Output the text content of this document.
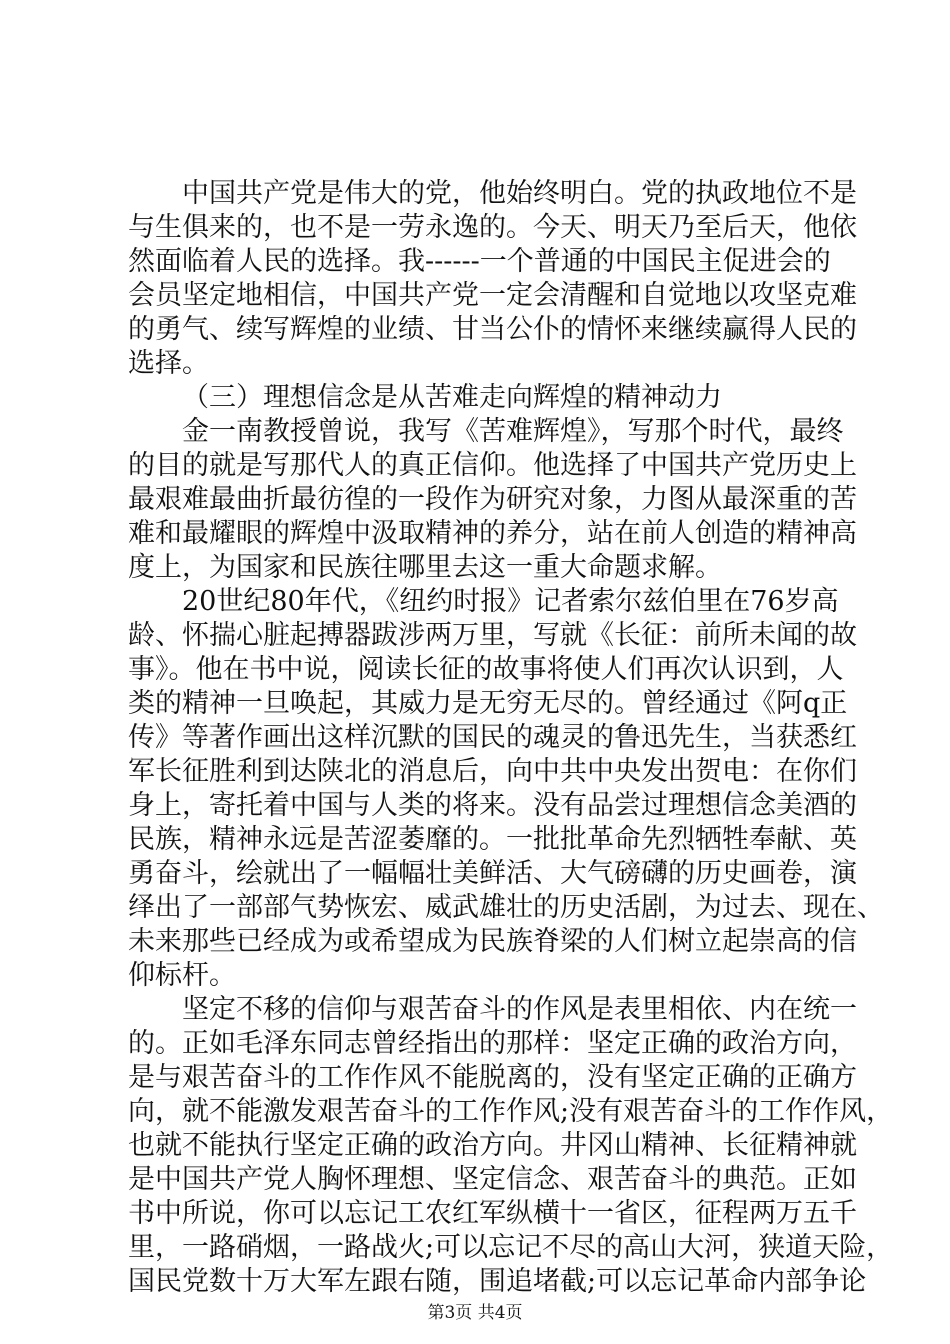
中国共产党是伟大的党，他始终明白。党的执政地位不是
与生俱来的，也不是一劳永逸的。今天、明天乃至后天，他依
然面临着人民的选择。我------一个普通的中国民主促进会的
会员坚定地相信，中国共产党一定会清醒和自觉地以攻坚克难
的勇气、续写辉煌的业绩、甘当公仆的情怀来继续赢得人民的
选择。
（三）理想信念是从苦难走向辉煌的精神动力
金一南教授曾说，我写《苦难辉煌》，写那个时代，最终
的目的就是写那代人的真正信仰。他选择了中国共产党历史上
最艰难最曲折最彷徨的一段作为研究对象，力图从最深重的苦
难和最耀眼的辉煌中汲取精神的养分，站在前人创造的精神高
度上，为国家和民族往哪里去这一重大命题求解。
20世纪80年代，《纽约时报》记者索尔兹伯里在76岁高
龄、怀揣心脏起搏器跋涉两万里，写就《长征：前所未闻的故
事》。他在书中说，阅读长征的故事将使人们再次认识到，人
类的精神一旦唤起，其威力是无穷无尽的。曾经通过《阿q正
传》等著作画出这样沉默的国民的魂灵的鲁迅先生，当获悉红
军长征胜利到达陕北的消息后，向中共中央发出贺电：在你们
身上，寄托着中国与人类的将来。没有品尝过理想信念美酒的
民族，精神永远是苦涩萎靡的。一批批革命先烈牺牲奉献、英
勇奋斗，绘就出了一幅幅壮美鲜活、大气磅礴的历史画卷，演
绎出了一部部气势恢宏、威武雄壮的历史活剧，为过去、现在、
未来那些已经成为或希望成为民族脊梁的人们树立起崇高的信
仰标杆。
坚定不移的信仰与艰苦奋斗的作风是表里相依、内在统一
的。正如毛泽东同志曾经指出的那样：坚定正确的政治方向，
是与艰苦奋斗的工作作风不能脱离的，没有坚定正确的正确方
向，就不能激发艰苦奋斗的工作作风;没有艰苦奋斗的工作作风，
也就不能执行坚定正确的政治方向。井冈山精神、长征精神就
是中国共产党人胸怀理想、坚定信念、艰苦奋斗的典范。正如
书中所说，你可以忘记工农红军纵横十一省区，征程两万五千
里，一路硝烟，一路战火;可以忘记不尽的高山大河，狭道天险，
国民党数十万大军左跟右随，围追堵截;可以忘记革命内部争论
第3页 共4页
